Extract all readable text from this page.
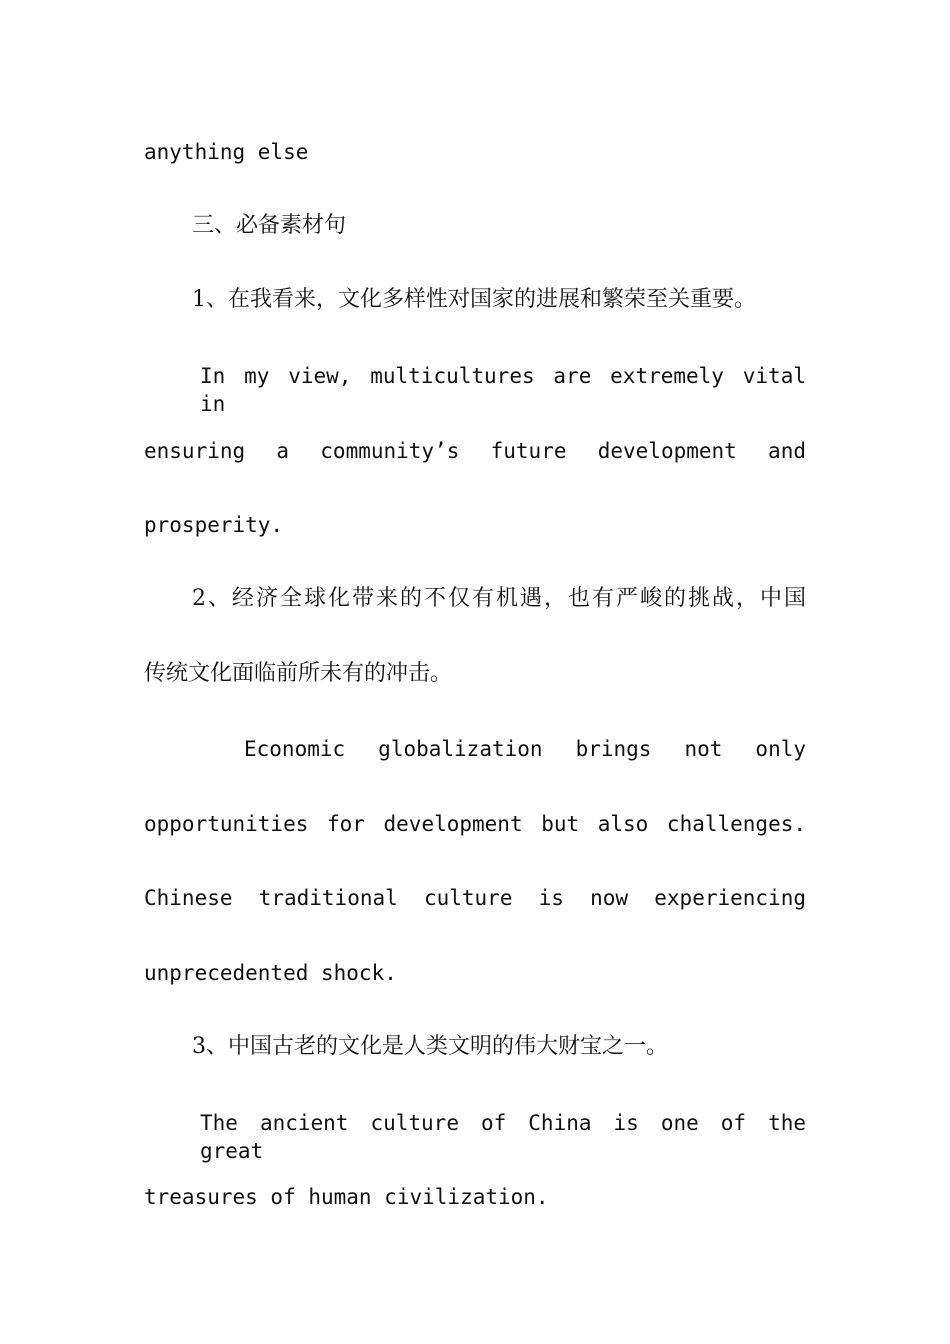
anything else
三、必备素材句
1、在我看来，文化多样性对国家的进展和繁荣至关重要。
In my view, multicultures are extremely vital in
ensuring a community’s future development and
prosperity.
2、经济全球化带来的不仅有机遇，也有严峻的挑战，中国
传统文化面临前所未有的冲击。
Economic globalization brings not only
opportunities for development but also challenges.
Chinese traditional culture is now experiencing
unprecedented shock.
3、中国古老的文化是人类文明的伟大财宝之一。
The ancient culture of China is one of the great
treasures of human civilization.
